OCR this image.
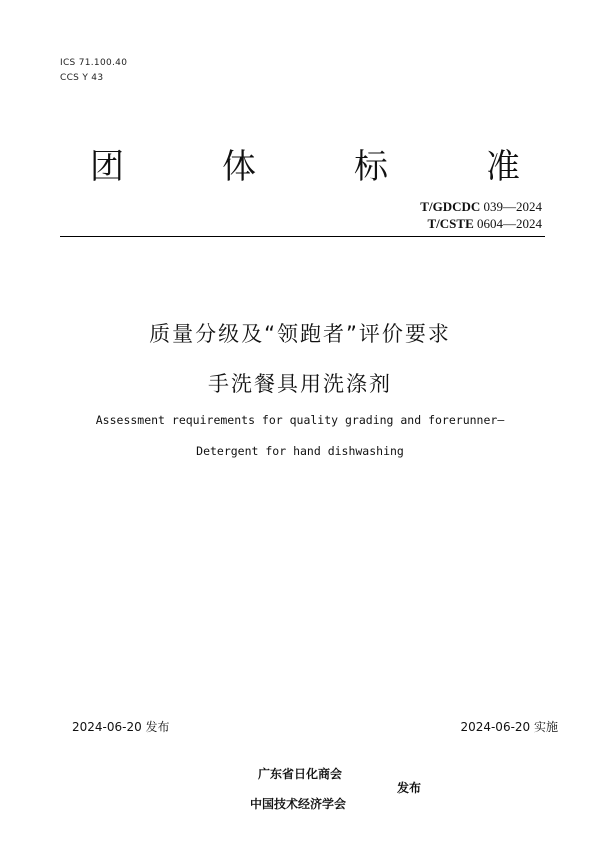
ICS 71.100.40
CCS Y 43
团	体	标	准
T/GDCDC 039—2024
T/CSTE 0604—2024
质量分级及“领跑者”评价要求
手洗餐具用洗涤剂
Assessment requirements for quality grading and forerunner—
Detergent for hand dishwashing
2024-06-20 发布	2024-06-20 实施
广东省日化商会
中国技术经济学会
发布
